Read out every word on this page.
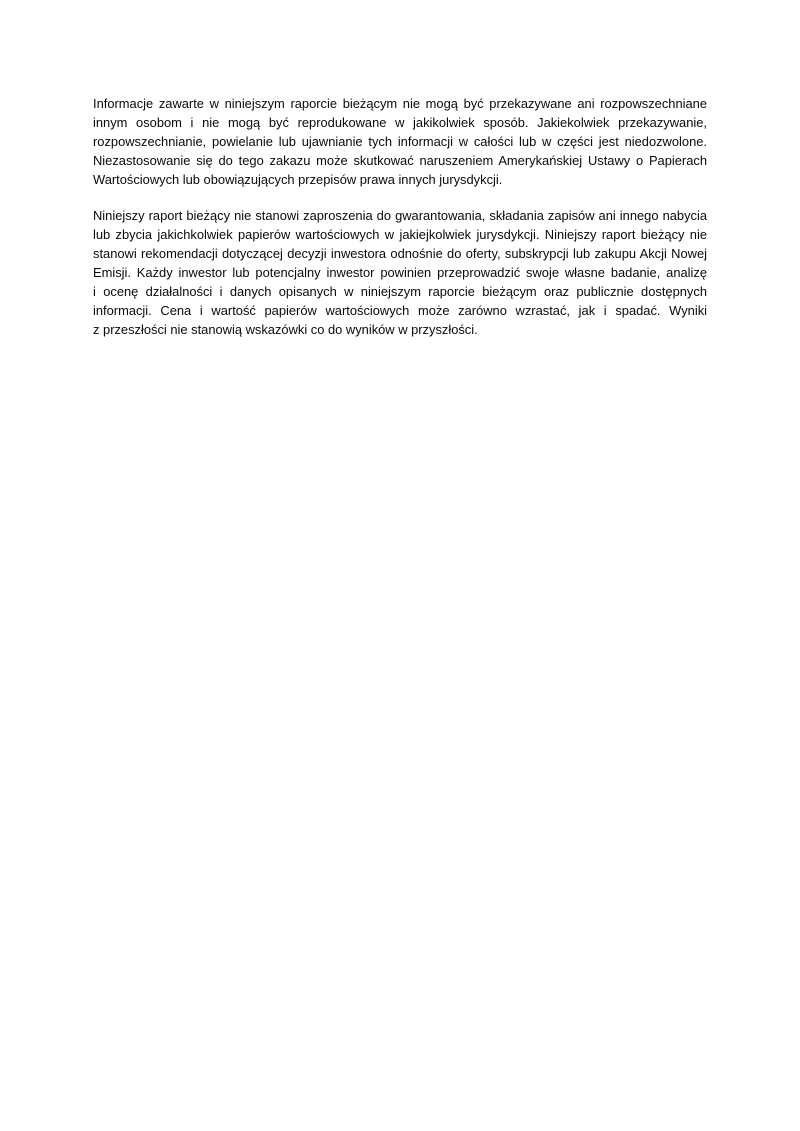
Informacje zawarte w niniejszym raporcie bieżącym nie mogą być przekazywane ani rozpowszechniane innym osobom i nie mogą być reprodukowane w jakikolwiek sposób. Jakiekolwiek przekazywanie, rozpowszechnianie, powielanie lub ujawnianie tych informacji w całości lub w części jest niedozwolone. Niezastosowanie się do tego zakazu może skutkować naruszeniem Amerykańskiej Ustawy o Papierach Wartościowych lub obowiązujących przepisów prawa innych jurysdykcji.

Niniejszy raport bieżący nie stanowi zaproszenia do gwarantowania, składania zapisów ani innego nabycia lub zbycia jakichkolwiek papierów wartościowych w jakiejkolwiek jurysdykcji. Niniejszy raport bieżący nie stanowi rekomendacji dotyczącej decyzji inwestora odnośnie do oferty, subskrypcji lub zakupu Akcji Nowej Emisji. Każdy inwestor lub potencjalny inwestor powinien przeprowadzić swoje własne badanie, analizę i ocenę działalności i danych opisanych w niniejszym raporcie bieżącym oraz publicznie dostępnych informacji. Cena i wartość papierów wartościowych może zarówno wzrastać, jak i spadać. Wyniki z przeszłości nie stanowią wskazówki co do wyników w przyszłości.
